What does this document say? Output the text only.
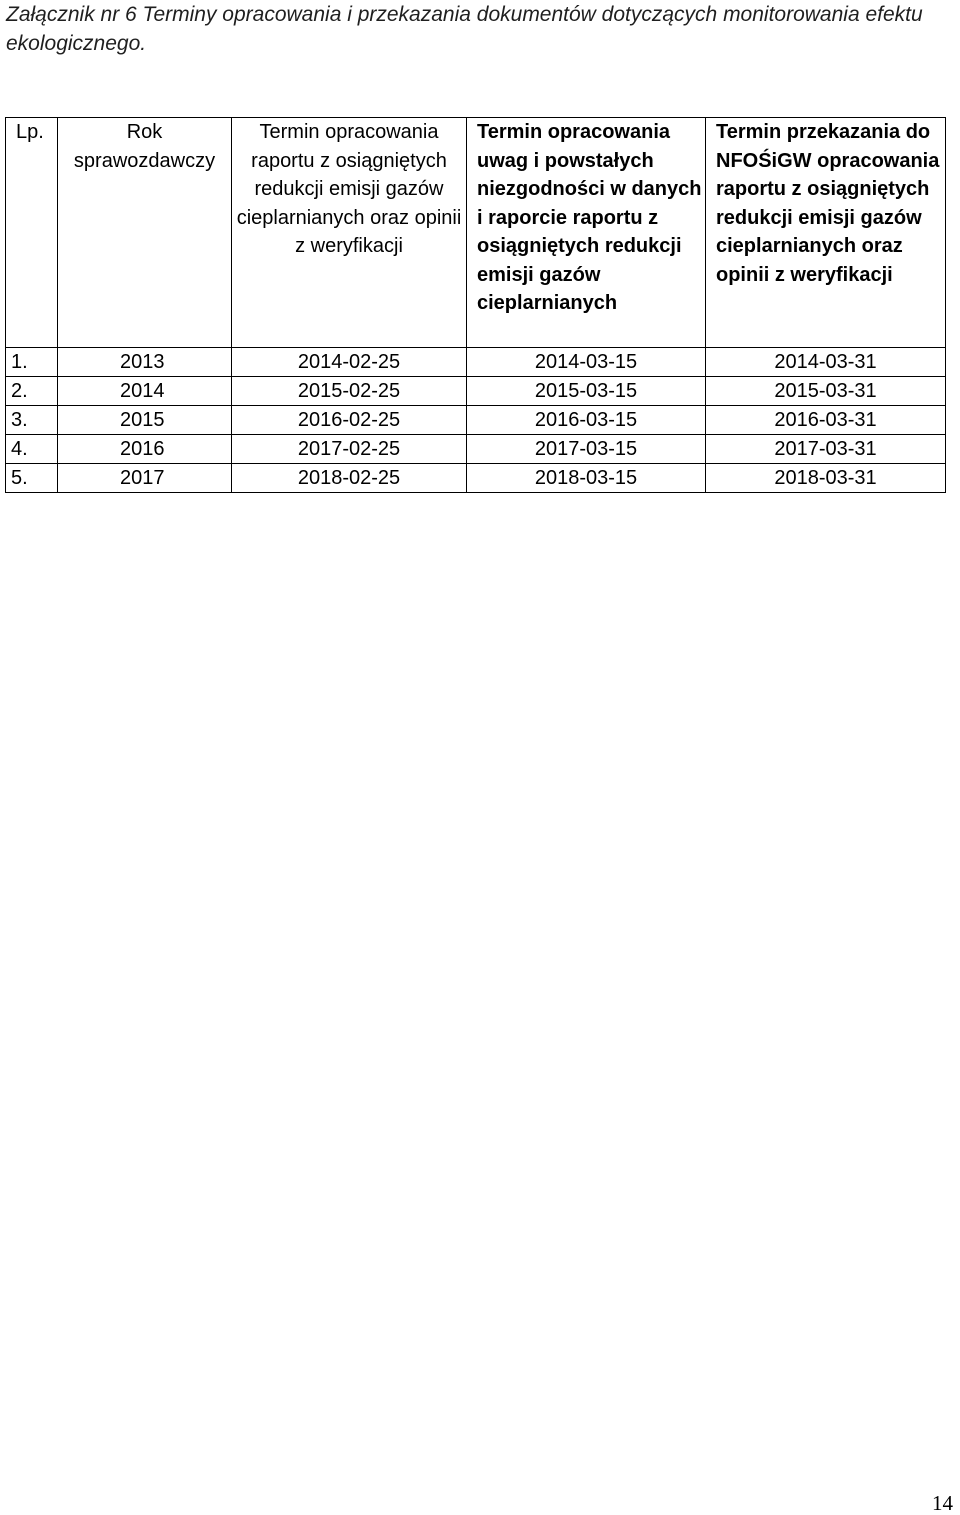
Załącznik nr 6 Terminy opracowania i przekazania dokumentów dotyczących monitorowania efektu ekologicznego.

Lp.	Rok sprawozdawczy	Termin opracowania raportu z osiągniętych redukcji emisji gazów cieplarnianych oraz opinii z weryfikacji	Termin opracowania uwag i powstałych niezgodności w danych i raporcie raportu z osiągniętych redukcji emisji gazów cieplarnianych	Termin przekazania do NFOŚiGW opracowania raportu z osiągniętych redukcji emisji gazów cieplarnianych oraz opinii z weryfikacji
1.	2013	2014-02-25	2014-03-15	2014-03-31
2.	2014	2015-02-25	2015-03-15	2015-03-31
3.	2015	2016-02-25	2016-03-15	2016-03-31
4.	2016	2017-02-25	2017-03-15	2017-03-31
5.	2017	2018-02-25	2018-03-15	2018-03-31
14
